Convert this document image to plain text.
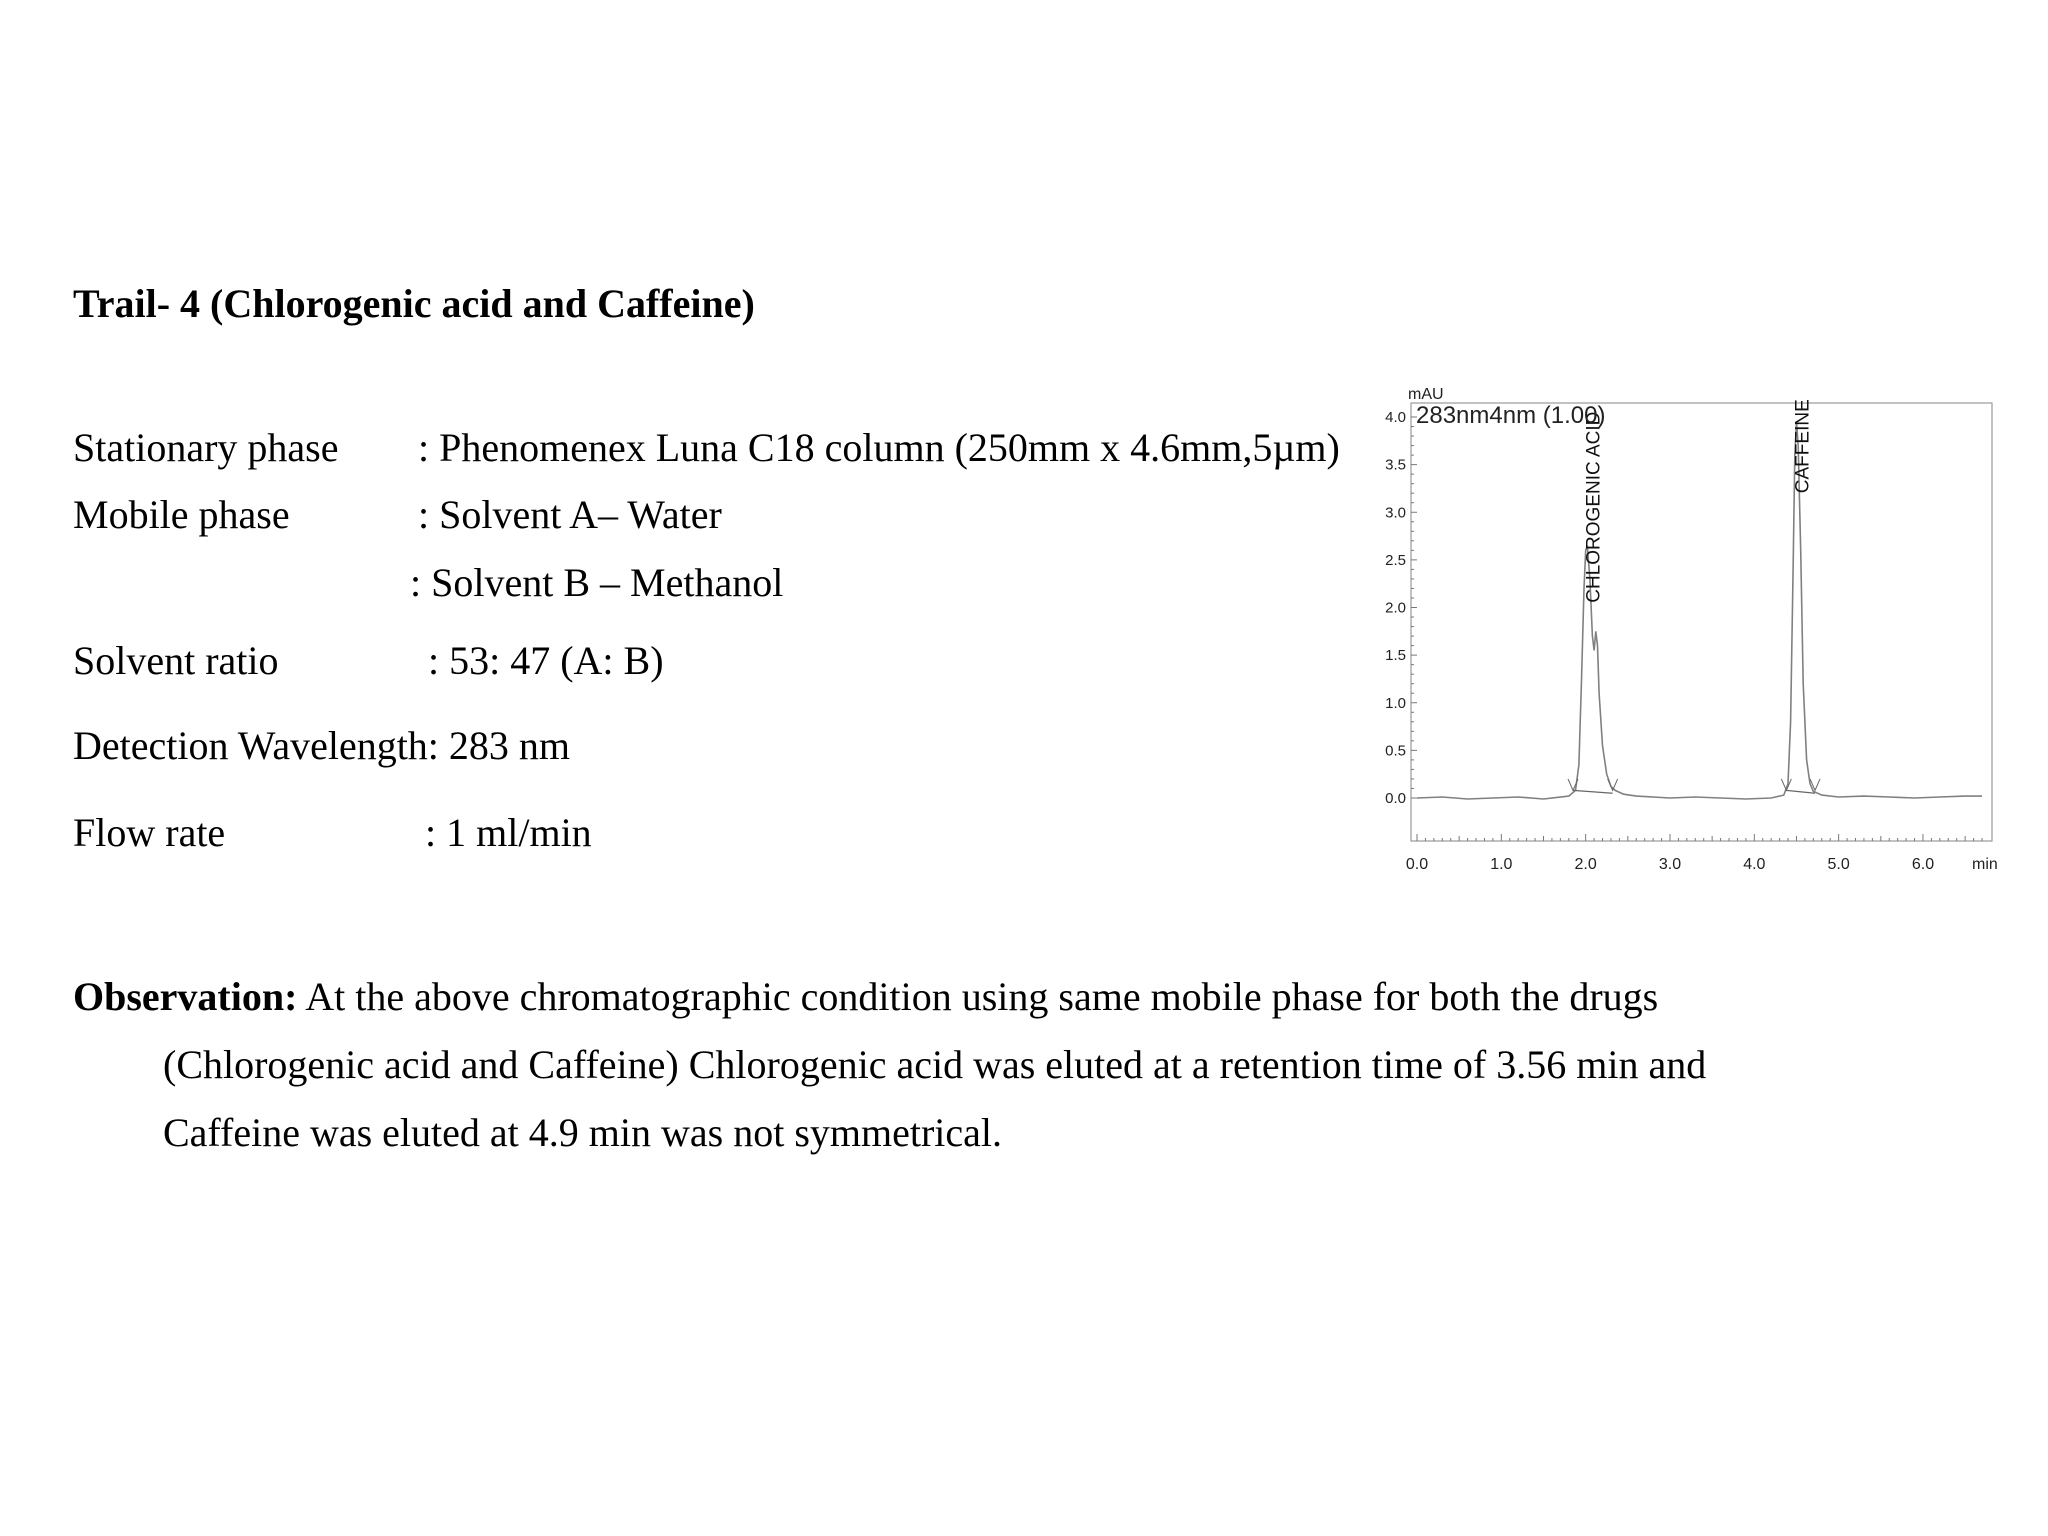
Trail- 4 (Chlorogenic acid and Caffeine)
Stationary phase : Phenomenex Luna C18 column (250mm x 4.6mm,5µm)
Mobile phase	: Solvent A– Water
: Solvent B – Methanol
Solvent ratio	: 53: 47 (A: B)
Detection Wavelength: 283 nm
Flow rate	: 1 ml/min
Observation: At the above chromatographic condition using same mobile phase for both the drugs
(Chlorogenic acid and Caffeine) Chlorogenic acid was eluted at a retention time of 3.56 min and
Caffeine was eluted at 4.9 min was not symmetrical.
0.0
0.5
1.0
1.5
2.0
2.5
3.0
3.5
4.0
0.0	1.0	2.0	3.0	4.0	5.0	6.0
CHLOROGENIC ACID	CAFFEINE
283nm4nm (1.00)
mAU
min
